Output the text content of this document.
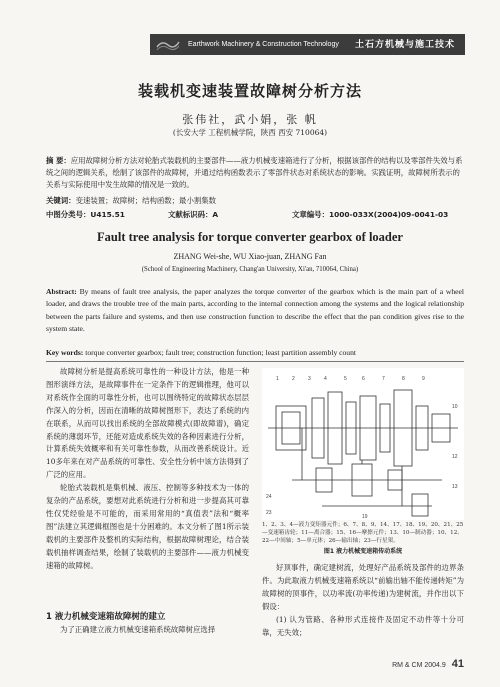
Earthwork Machinery & Construction Technology 土石方机械与施工技术
装载机变速装置故障树分析方法
张伟社，武小娟，张 帆
(长安大学 工程机械学院，陕西 西安 710064)
摘 要：应用故障树分析方法对轮胎式装载机的主要部件——液力机械变速箱进行了分析，根据该部件的结构以及零部件失效与系统之间的逻辑关系，绘制了该部件的故障树，并通过结构函数表示了零部件状态对系统状态的影响。实践证明，故障树所表示的关系与实际使用中发生故障的情况是一致的。
关键词：变速装置；故障树；结构函数；最小割集数
中图分类号：U415.51	文献标识码：A	文章编号：1000-033X(2004)09-0041-03
Fault tree analysis for torque converter gearbox of loader
ZHANG Wei-she, WU Xiao-juan, ZHANG Fan
(School of Engineering Machinery, Chang'an University, Xi'an, 710064, China)
Abstract: By means of fault tree analysis, the paper analyzes the torque converter of the gearbox which is the main part of a wheel loader, and draws the trouble tree of the main parts, according to the internal connection among the systems and the logical relationship between the parts failure and systems, and then use construction function to describe the effect that the pan condition gives rise to the system state.
Key words: torque converter gearbox; fault tree; construction function; least partition assembly count

故障树分析是提高系统可靠性的一种设计方法，他是一种图形演绎方法，是故障事件在一定条件下的逻辑推理，他可以对系统作全面的可靠性分析，也可以围绕特定的故障状态层层作深入的分析，因而在清晰的故障树图形下，表达了系统的内在联系，从而可以找出系统的全部故障模式(即故障谱)，确定系统的薄弱环节，还能对造成系统失效的各种因素进行分析，计算系统失效概率和有关可靠性参数，从而改善系统设计。近10多年来在对产品系统的可靠性、安全性分析中该方法得到了广泛的应用。

轮胎式装载机是集机械、液压、控制等多种技术为一体的复杂的产品系统，要想对此系统进行分析和进一步提高其可靠性仅凭经验是不可能的，而采用常用的“真值表”法和“概率图”法建立其逻辑框图也是十分困难的。本文分析了图1所示装载机的主要部件及整机的实际结构，根据故障树理论，结合装载机抽样调查结果，绘制了装载机的主要部件——液力机械变速箱的故障树。

1 液力机械变速箱故障树的建立
为了正确建立液力机械变速箱系统故障树应选择
1	2	3	4	5	6	7	8	9
10
12
13
24
23
19
1、2、3、4—液力变矩器元件；6、7、8、9、14、17、18、19、20、21、25—变速箱齿轮；11—离合器；15、16—摩擦元件；13、10—制动器；10、12、22—中间轴；5—单元体；26—输出轴；23—行星架。
图1 液力机械变速箱传动系统

好顶事件，确定建树流，处理好产品系统及部件的边界条件。为此取液力机械变速箱系统以“前输出轴不能传递转矩”为故障树的顶事件，以功率流(功率传递)为建树流，并作出以下假设：

(1) 认为管路、各种形式连接件及固定不动件等十分可靠，无失效；

RM & CM 2004.9 41
